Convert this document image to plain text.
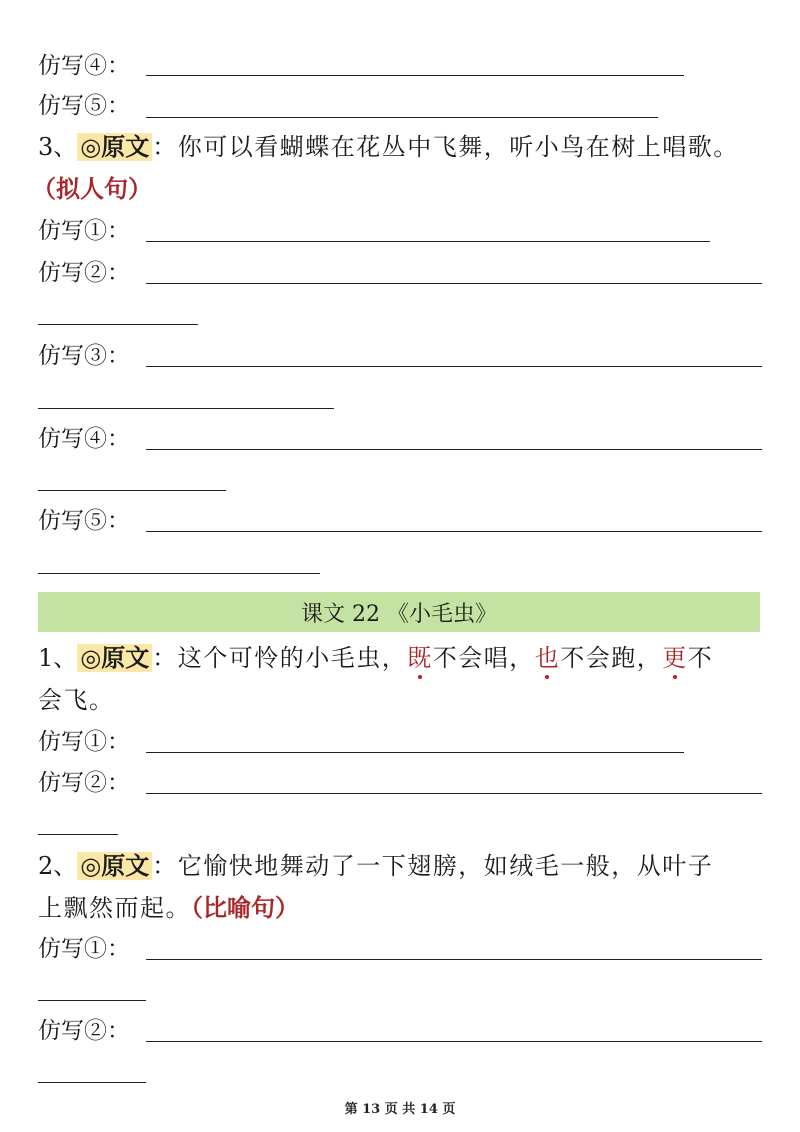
仿写④：
仿写⑤：
3、 ◎原文 ：你可以看蝴蝶在花丛中飞舞，听小鸟在树上唱歌。
（拟人句）
仿写①：
仿写②：
仿写③：
仿写④：
仿写⑤：
课文 22 《小毛虫》
1、 ◎原文 ：这个可怜的小毛虫，既不会唱，也不会跑，更不
会飞。
仿写①：
仿写②：
2、 ◎原文 ：它愉快地舞动了一下翅膀，如绒毛一般，从叶子
上飘然而起。（比喻句）
仿写①：
仿写②：
第 13 页 共 14 页
